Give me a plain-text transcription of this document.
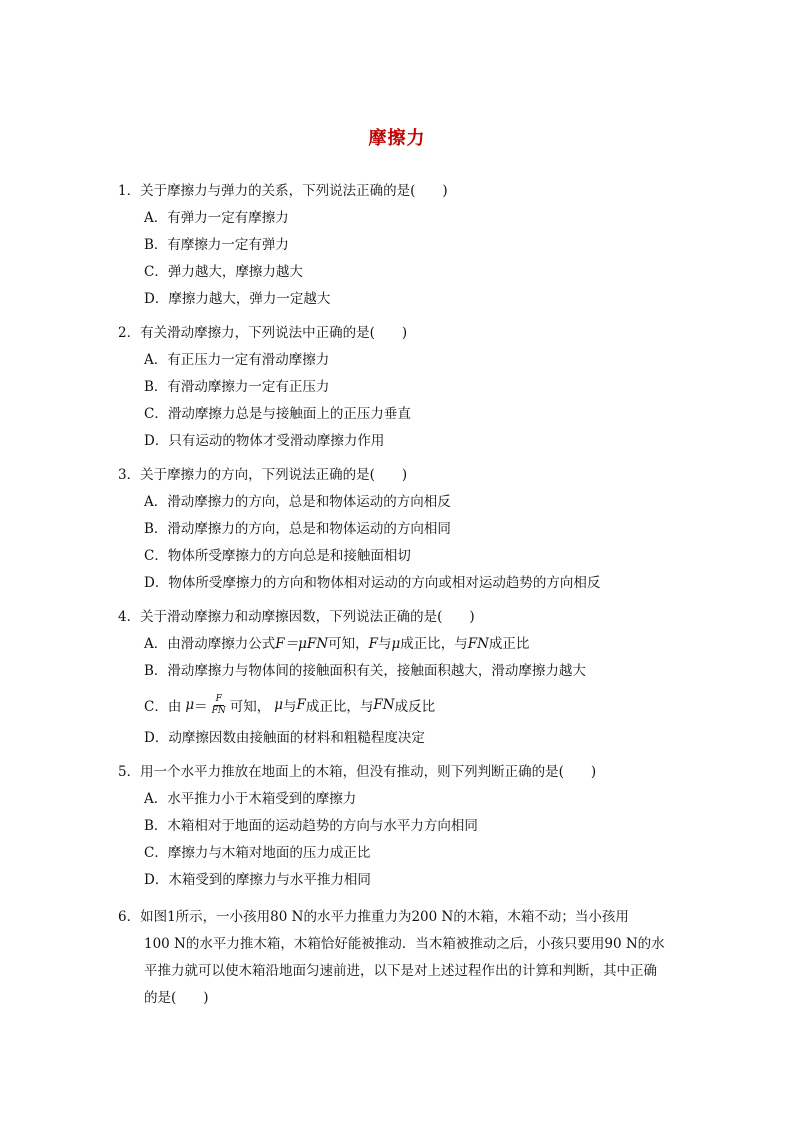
摩擦力
1．关于摩擦力与弹力的关系，下列说法正确的是(　　)
A．有弹力一定有摩擦力
B．有摩擦力一定有弹力
C．弹力越大，摩擦力越大
D．摩擦力越大，弹力一定越大
2．有关滑动摩擦力，下列说法中正确的是(　　)
A．有正压力一定有滑动摩擦力
B．有滑动摩擦力一定有正压力
C．滑动摩擦力总是与接触面上的正压力垂直
D．只有运动的物体才受滑动摩擦力作用
3．关于摩擦力的方向，下列说法正确的是(　　)
A．滑动摩擦力的方向，总是和物体运动的方向相反
B．滑动摩擦力的方向，总是和物体运动的方向相同
C．物体所受摩擦力的方向总是和接触面相切
D．物体所受摩擦力的方向和物体相对运动的方向或相对运动趋势的方向相反
4．关于滑动摩擦力和动摩擦因数，下列说法正确的是(　　)
A．由滑动摩擦力公式F＝μFN可知，F与μ成正比，与FN成正比
B．滑动摩擦力与物体间的接触面积有关，接触面积越大，滑动摩擦力越大
C．由 $\mu = \frac{F}{FN}$ 可知， μ 与 F 成正比，与 FN 成反比
D．动摩擦因数由接触面的材料和粗糙程度决定
5．用一个水平力推放在地面上的木箱，但没有推动，则下列判断正确的是(　　)
A．水平推力小于木箱受到的摩擦力
B．木箱相对于地面的运动趋势的方向与水平力方向相同
C．摩擦力与木箱对地面的压力成正比
D．木箱受到的摩擦力与水平推力相同
6．如图1所示，一小孩用80 N的水平力推重力为200 N的木箱，木箱不动；当小孩用
100 N的水平力推木箱，木箱恰好能被推动．当木箱被推动之后，小孩只要用90 N的水
平推力就可以使木箱沿地面匀速前进，以下是对上述过程作出的计算和判断，其中正确
的是(　　)
